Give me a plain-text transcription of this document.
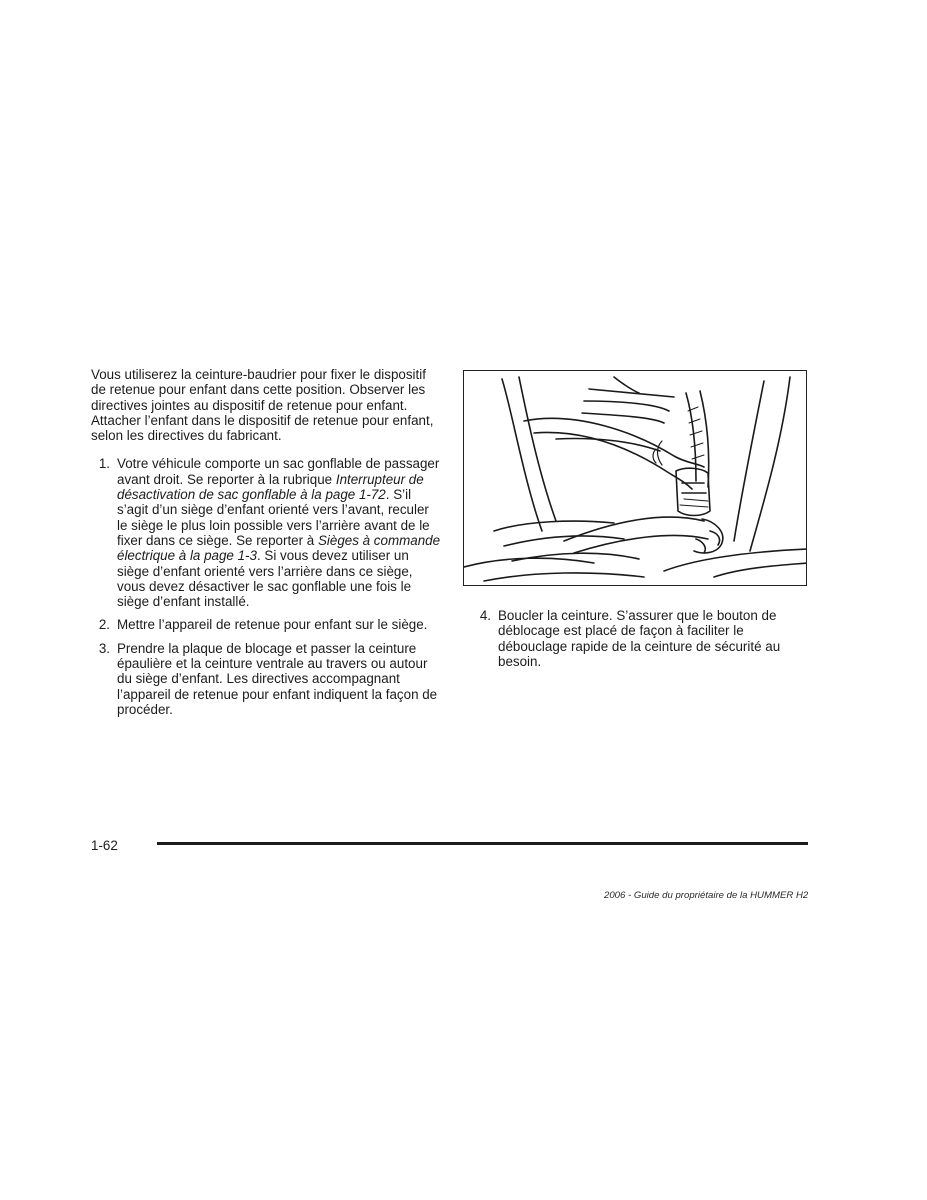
Vous utiliserez la ceinture-baudrier pour fixer le dispositif de retenue pour enfant dans cette position. Observer les directives jointes au dispositif de retenue pour enfant. Attacher l’enfant dans le dispositif de retenue pour enfant, selon les directives du fabricant.

1. Votre véhicule comporte un sac gonflable de passager avant droit. Se reporter à la rubrique Interrupteur de désactivation de sac gonflable à la page 1-72. S’il s’agit d’un siège d’enfant orienté vers l’avant, reculer le siège le plus loin possible vers l’arrière avant de le fixer dans ce siège. Se reporter à Sièges à commande électrique à la page 1-3. Si vous devez utiliser un siège d’enfant orienté vers l’arrière dans ce siège, vous devez désactiver le sac gonflable une fois le siège d’enfant installé.
2. Mettre l’appareil de retenue pour enfant sur le siège.
3. Prendre la plaque de blocage et passer la ceinture épaulière et la ceinture ventrale au travers ou autour du siège d’enfant. Les directives accompagnant l’appareil de retenue pour enfant indiquent la façon de procéder.
4. Boucler la ceinture. S’assurer que le bouton de déblocage est placé de façon à faciliter le débouclage rapide de la ceinture de sécurité au besoin.
1-62
2006 - Guide du propriétaire de la HUMMER H2
